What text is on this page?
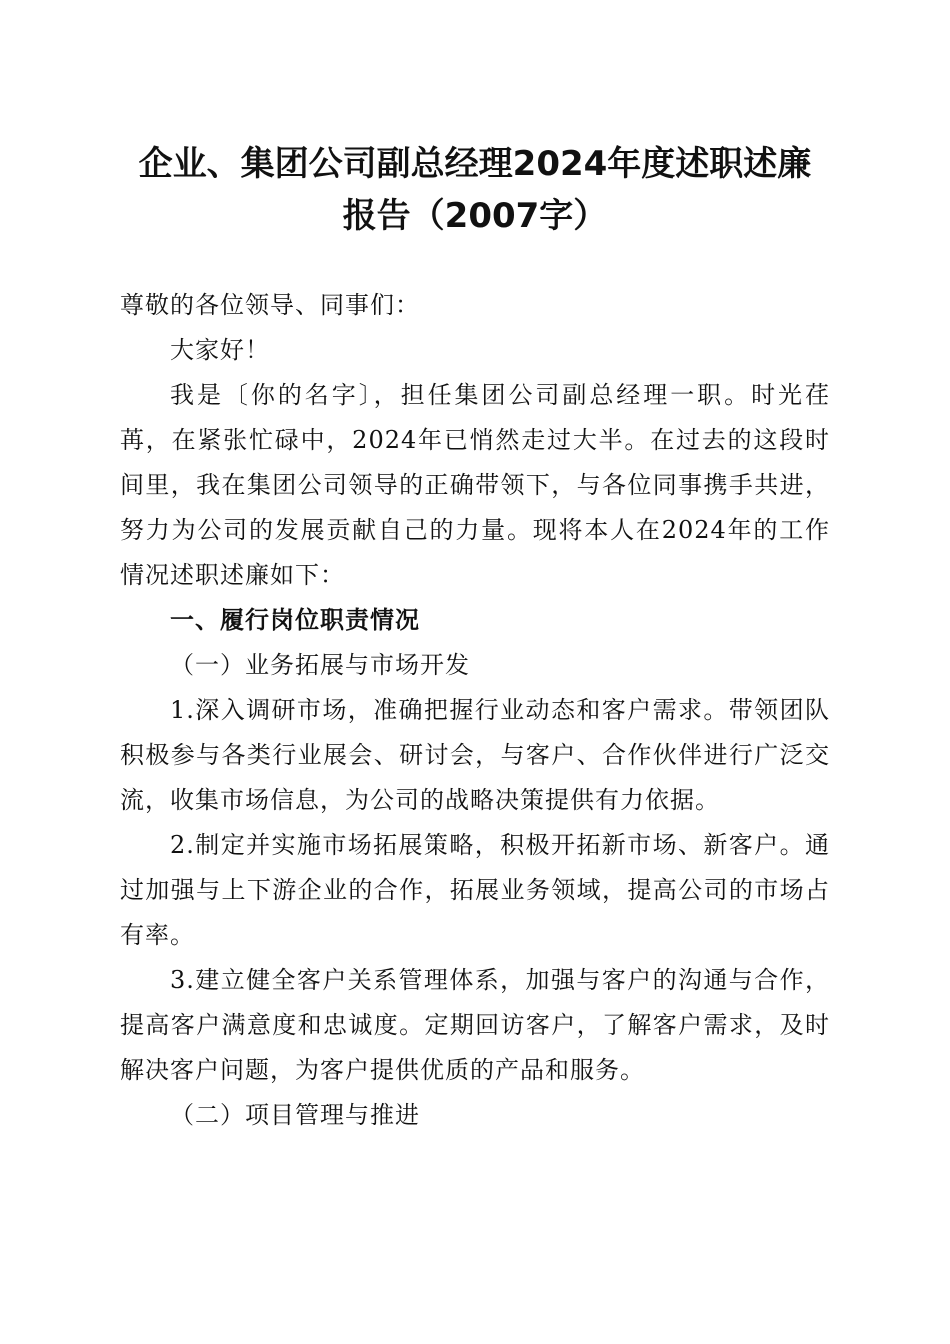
企业、集团公司副总经理2024年度述职述廉
报告（2007字）

尊敬的各位领导、同事们：

大家好！

我是〔你的名字〕，担任集团公司副总经理一职。时光荏苒，在紧张忙碌中，2024年已悄然走过大半。在过去的这段时间里，我在集团公司领导的正确带领下，与各位同事携手共进，努力为公司的发展贡献自己的力量。现将本人在2024年的工作情况述职述廉如下：

一、履行岗位职责情况

（一）业务拓展与市场开发

1.深入调研市场，准确把握行业动态和客户需求。带领团队积极参与各类行业展会、研讨会，与客户、合作伙伴进行广泛交流，收集市场信息，为公司的战略决策提供有力依据。

2.制定并实施市场拓展策略，积极开拓新市场、新客户。通过加强与上下游企业的合作，拓展业务领域，提高公司的市场占有率。

3.建立健全客户关系管理体系，加强与客户的沟通与合作，提高客户满意度和忠诚度。定期回访客户，了解客户需求，及时解决客户问题，为客户提供优质的产品和服务。

（二）项目管理与推进
